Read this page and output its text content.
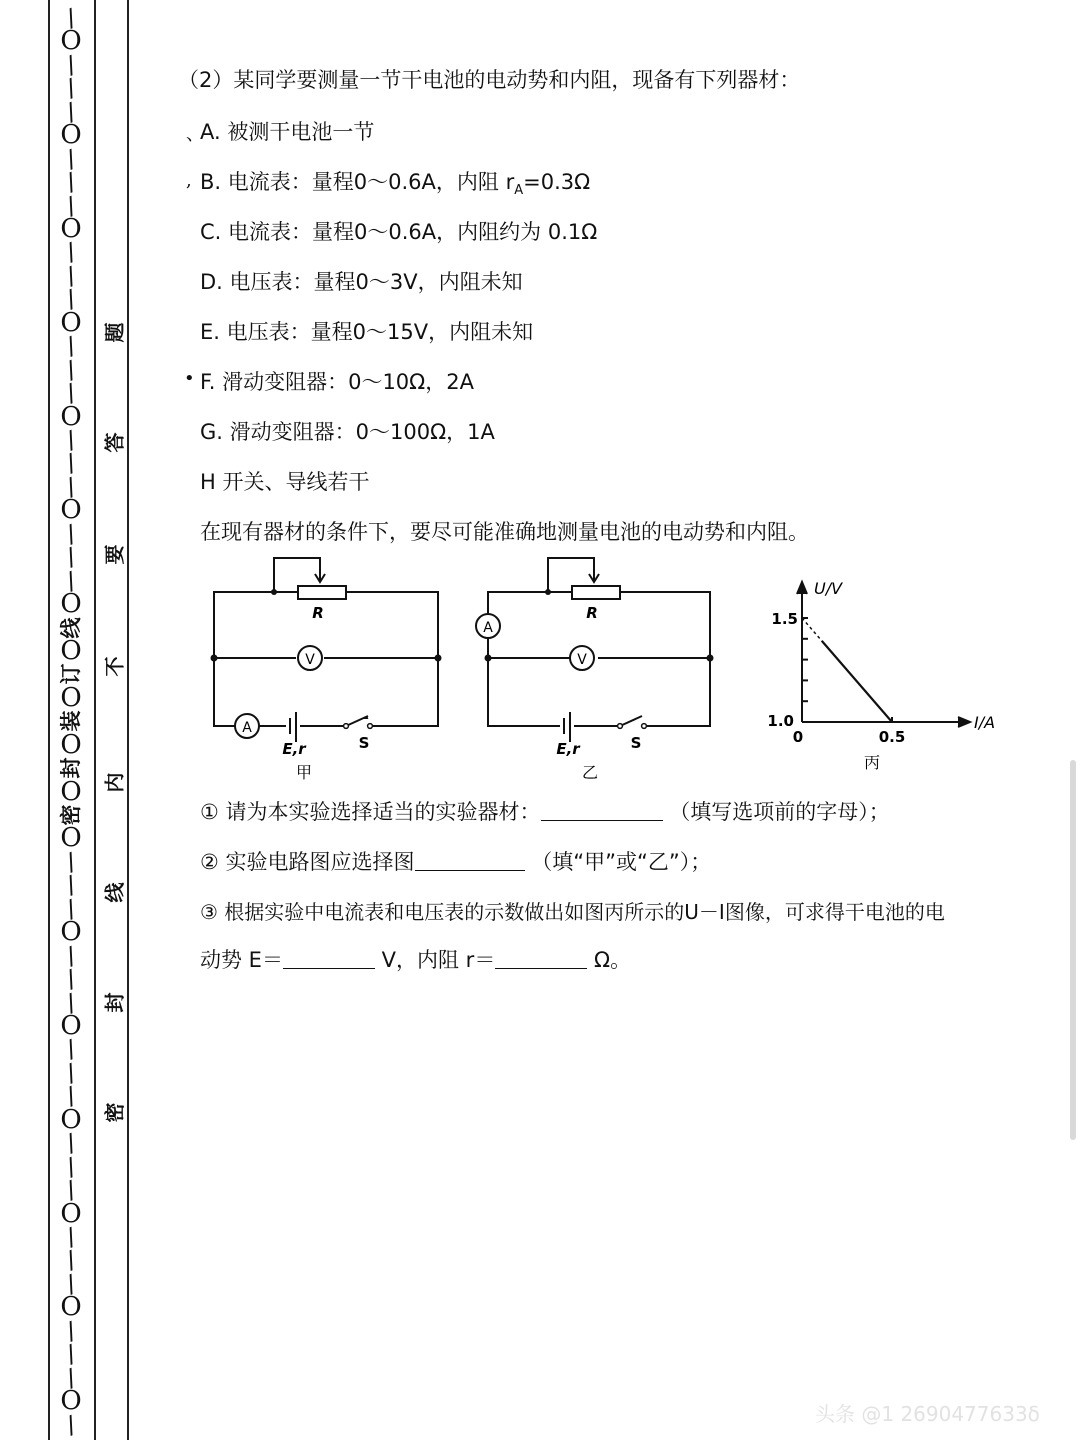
/
O
/
/
/
O
/
/
/
O
/
/
/
O
/
/
/
O
/
/
/
O
/
/
/
O
线
O
订
O
装
O
封
O
密
O
/
/
/
O
/
/
/
O
/
/
/
O
/
/
/
O
/
/
/
O
/
/
/
O
/
题
答
要
不
内
线
封
密
（2）某同学要测量一节干电池的电动势和内阻，现备有下列器材：
、
A. 被测干电池一节
, B. 电流表：量程0～0.6A，内阻 $r_A=0.3\Omega$
C. 电流表：量程0～0.6A，内阻约为 0.1Ω
D. 电压表：量程0～3V，内阻未知
E. 电压表：量程0～15V，内阻未知
• F. 滑动变阻器：0～10Ω，2A
G. 滑动变阻器：0～100Ω，1A
H 开关、导线若干
在现有器材的条件下，要尽可能准确地测量电池的电动势和内阻。
R
V
A
E,r	S
甲
R
V
A
E,r	S
乙
U/V
I/A
1.5
1.0
0	0.5
丙
① 请为本实验选择适当的实验器材：	（填写选项前的字母）；
② 实验电路图应选择图	（填“甲”或“乙”）；
③ 根据实验中电流表和电压表的示数做出如图丙所示的U－I图像，可求得干电池的电
动势 E＝	V，内阻 r＝	Ω。
头条 @1 2690477633δ
